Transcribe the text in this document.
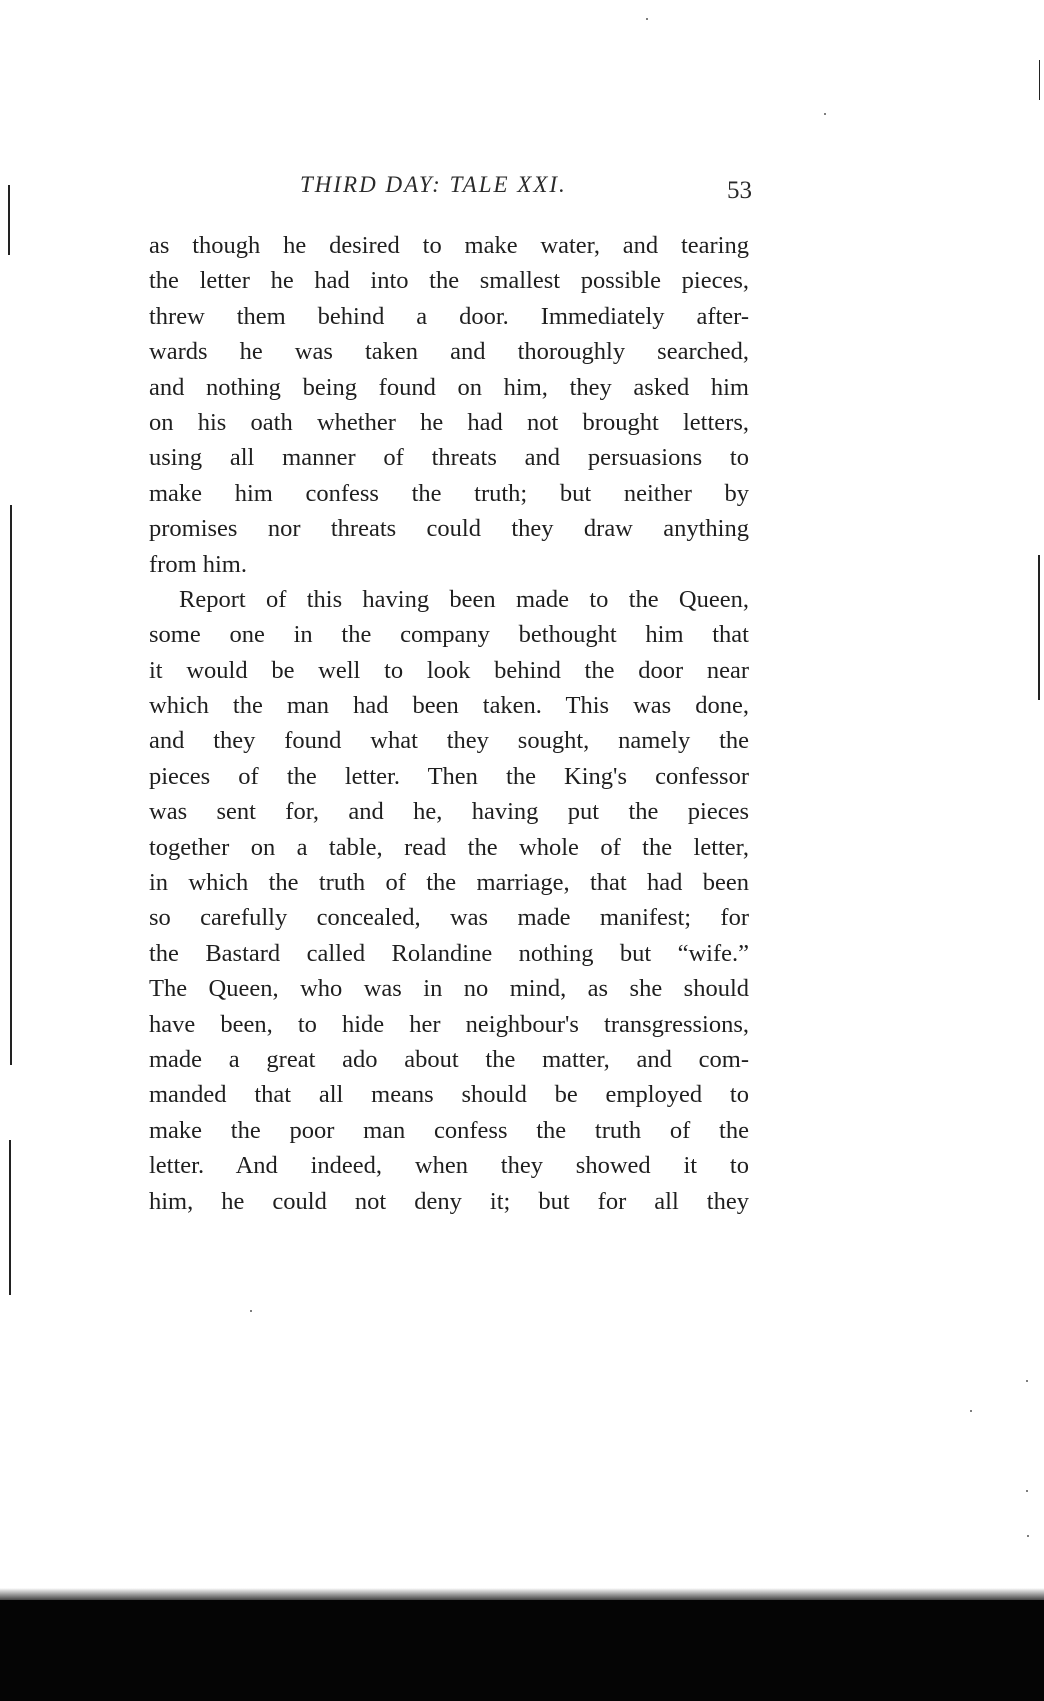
THIRD DAY: TALE XXI.	53
as though he desired to make water, and tearing
the letter he had into the smallest possible pieces,
threw them behind a door. Immediately after-
wards he was taken and thoroughly searched,
and nothing being found on him, they asked him
on his oath whether he had not brought letters,
using all manner of threats and persuasions to
make him confess the truth; but neither by
promises nor threats could they draw anything
from him.
Report of this having been made to the Queen,
some one in the company bethought him that
it would be well to look behind the door near
which the man had been taken. This was done,
and they found what they sought, namely the
pieces of the letter. Then the King's confessor
was sent for, and he, having put the pieces
together on a table, read the whole of the letter,
in which the truth of the marriage, that had been
so carefully concealed, was made manifest; for
the Bastard called Rolandine nothing but “wife.”
The Queen, who was in no mind, as she should
have been, to hide her neighbour's transgressions,
made a great ado about the matter, and com-
manded that all means should be employed to
make the poor man confess the truth of the
letter. And indeed, when they showed it to
him, he could not deny it; but for all they
